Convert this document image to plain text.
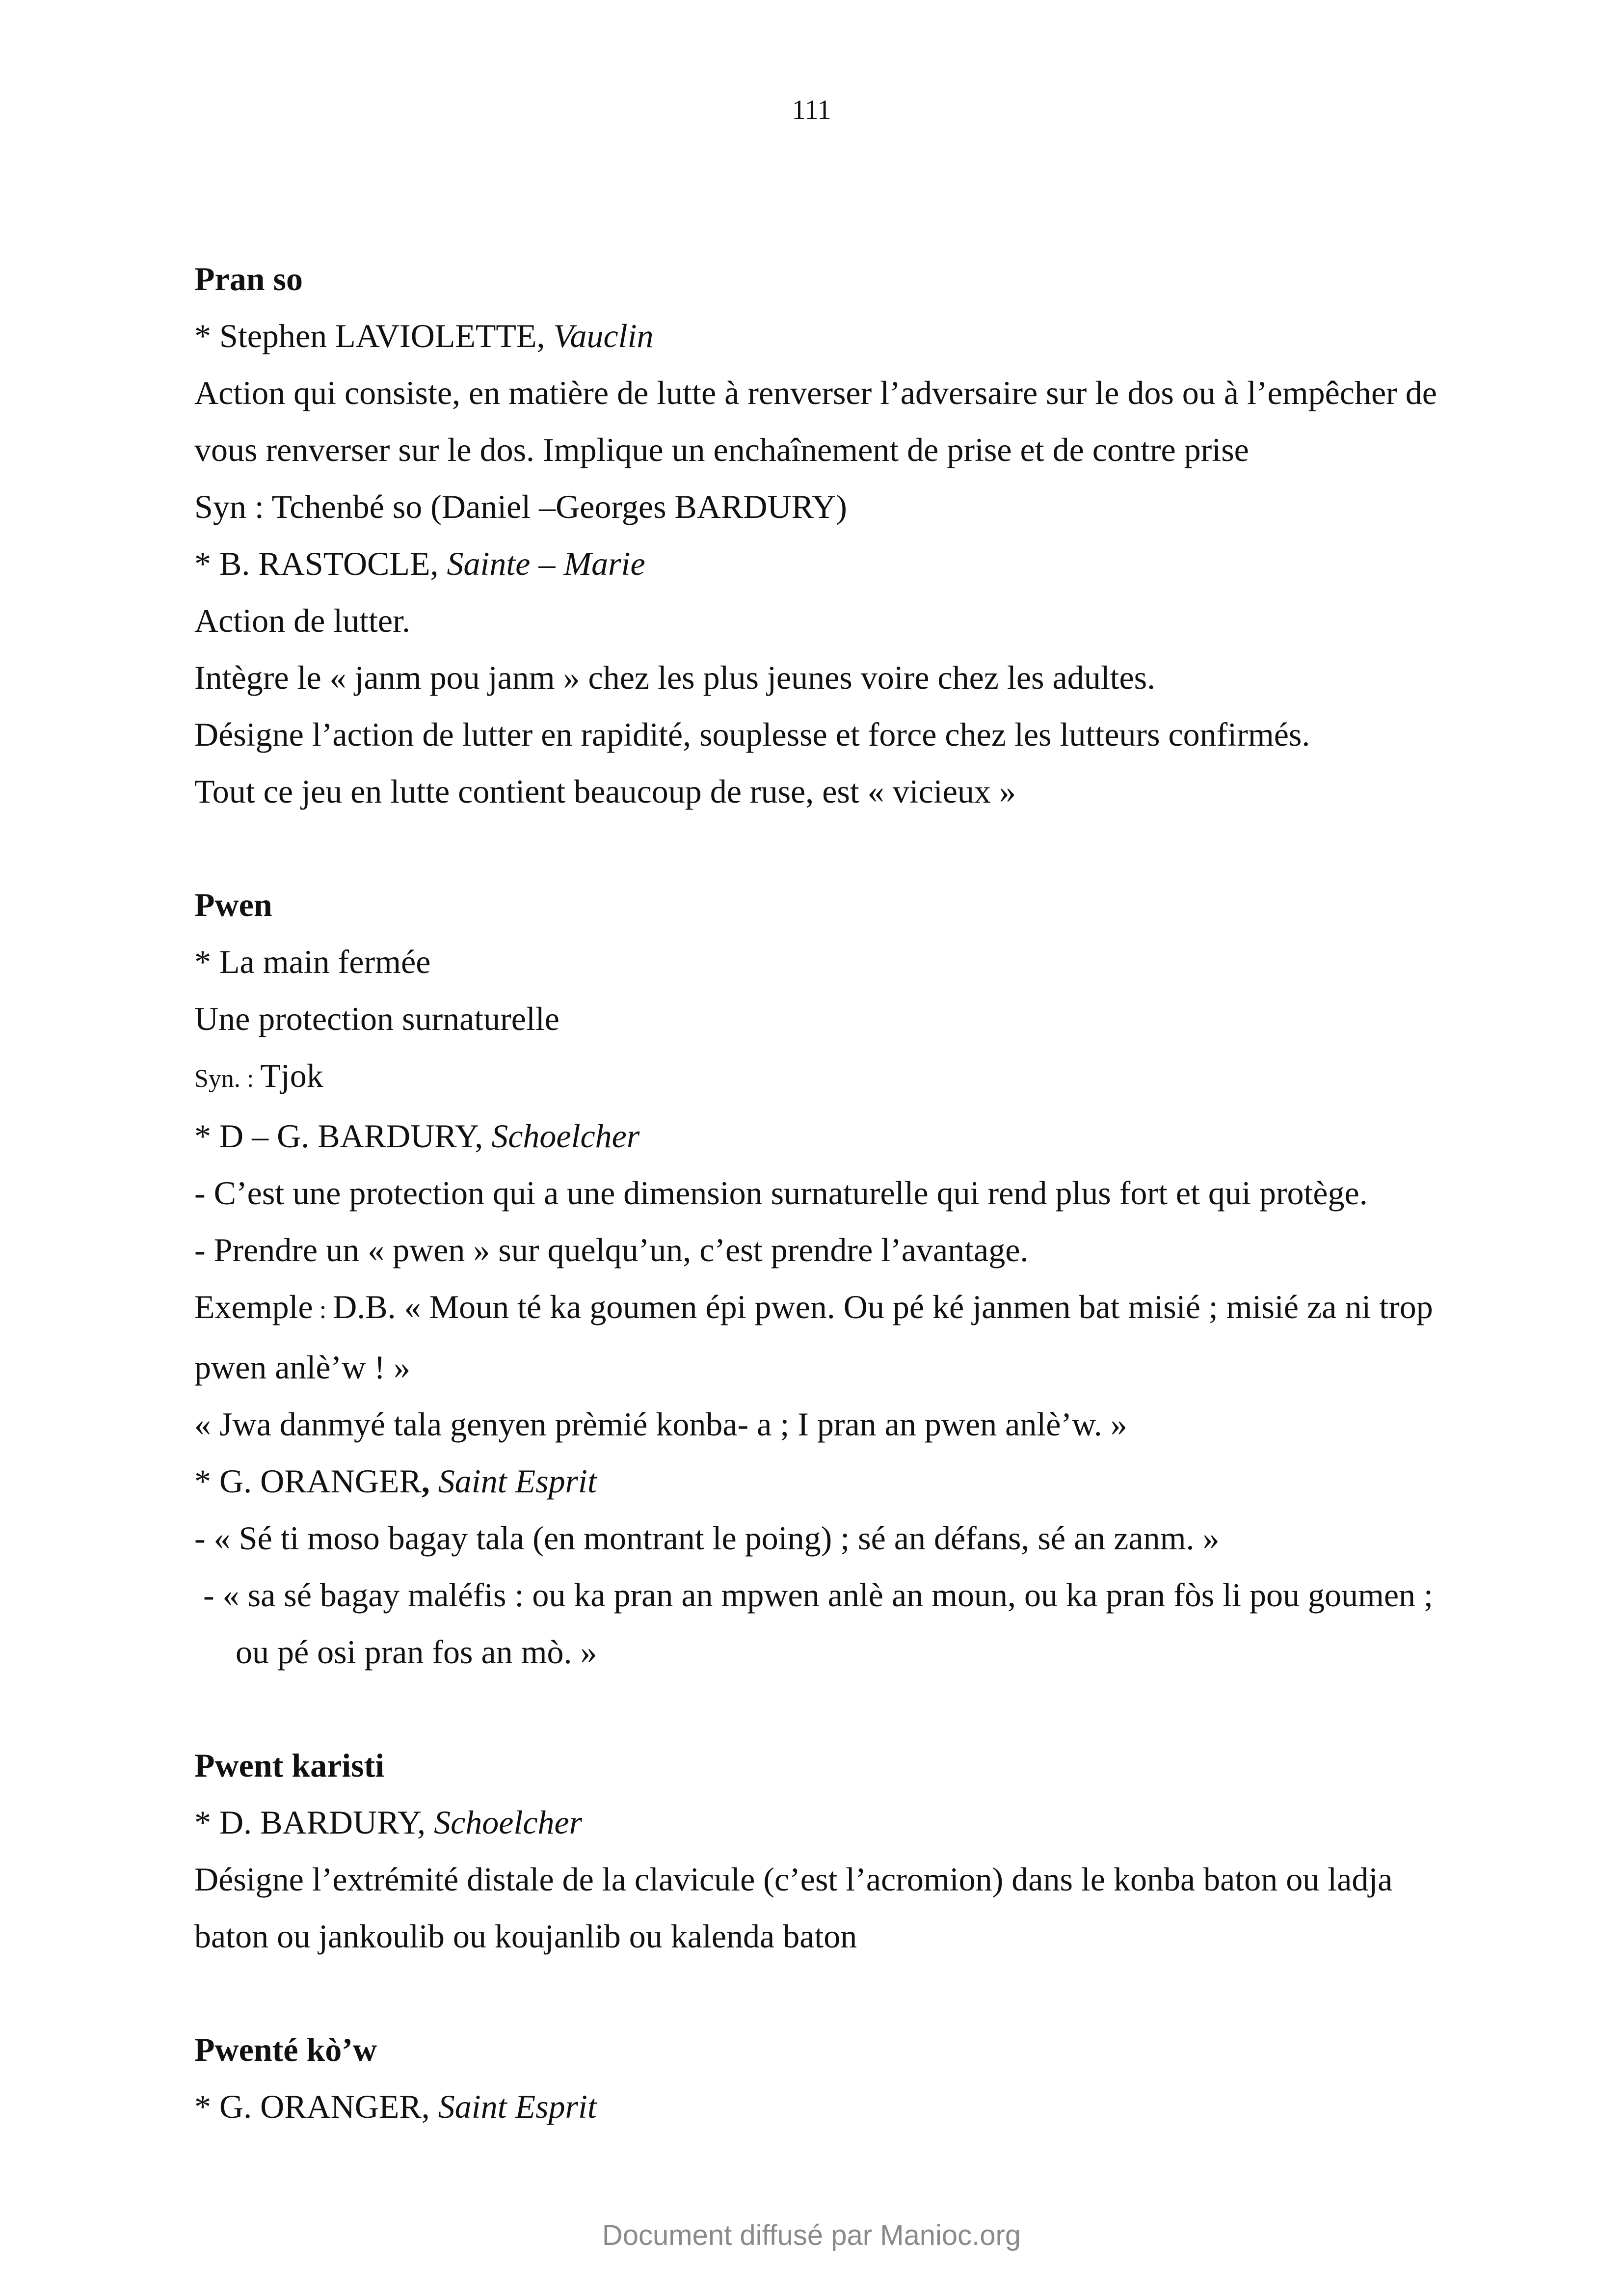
111
Pran so
* Stephen LAVIOLETTE, Vauclin
Action qui consiste, en matière de lutte à renverser l’adversaire sur le dos ou à l’empêcher de
vous renverser sur le dos. Implique un enchaînement de prise et de contre prise
Syn : Tchenbé so (Daniel –Georges BARDURY)
* B. RASTOCLE, Sainte – Marie
Action de lutter.
Intègre le « janm pou janm » chez les plus jeunes voire chez les adultes.
Désigne l’action de lutter en rapidité, souplesse et force chez les lutteurs confirmés.
Tout ce jeu en lutte contient beaucoup de ruse, est « vicieux »
Pwen
* La main fermée
Une protection surnaturelle
Syn. : Tjok
* D – G. BARDURY, Schoelcher
- C’est une protection qui a une dimension surnaturelle qui rend plus fort et qui protège.
- Prendre un « pwen » sur quelqu’un, c’est prendre l’avantage.
Exemple : D.B. « Moun té ka goumen épi pwen. Ou pé ké janmen bat misié ; misié za ni trop
pwen anlè’w ! »
« Jwa danmyé tala genyen prèmié konba- a ; I pran an pwen anlè’w. »
* G. ORANGER, Saint Esprit
- « Sé ti moso bagay tala (en montrant le poing) ; sé an défans, sé an zanm. »
- « sa sé bagay maléfis : ou ka pran an mpwen anlè an moun, ou ka pran fòs li pou goumen ;
ou pé osi pran fos an mò. »
Pwent karisti
* D. BARDURY, Schoelcher
Désigne l’extrémité distale de la clavicule (c’est l’acromion) dans le konba baton ou ladja
baton ou jankoulib ou koujanlib ou kalenda baton
Pwenté kò’w
* G. ORANGER, Saint Esprit
Document diffusé par Manioc.org
